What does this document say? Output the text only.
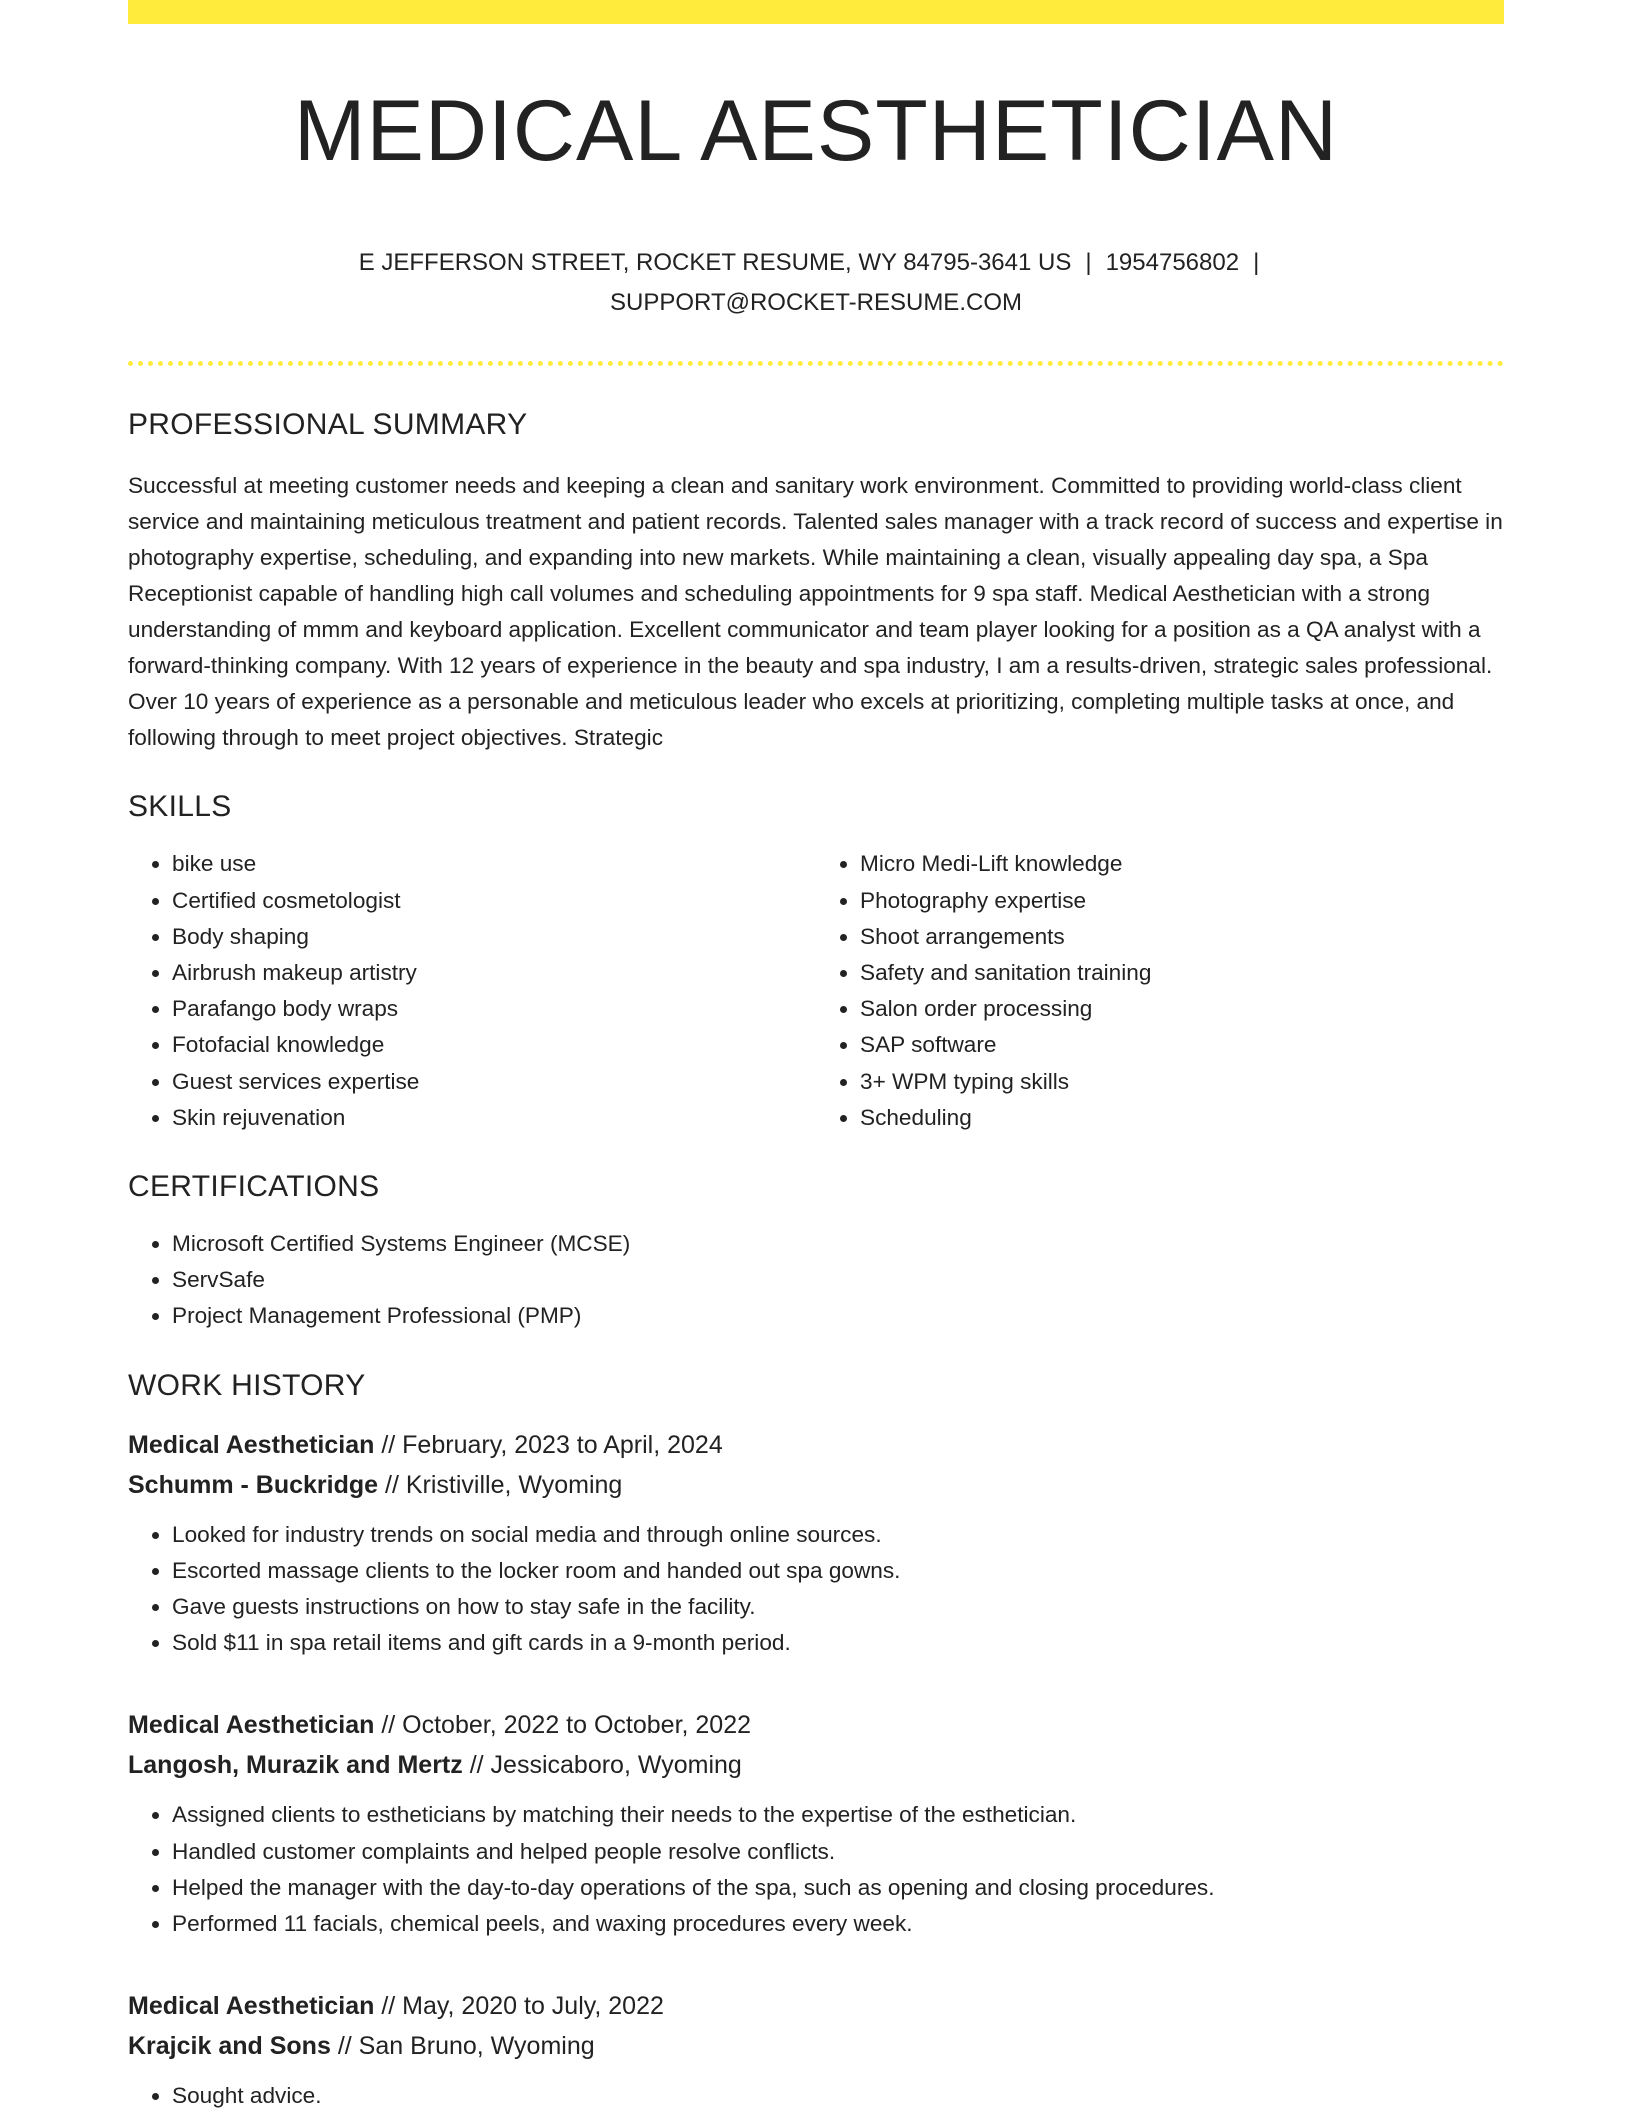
MEDICAL AESTHETICIAN
E JEFFERSON STREET, ROCKET RESUME, WY 84795-3641 US | 1954756802 |
SUPPORT@ROCKET-RESUME.COM
PROFESSIONAL SUMMARY
Successful at meeting customer needs and keeping a clean and sanitary work environment. Committed to providing world-class client service and maintaining meticulous treatment and patient records. Talented sales manager with a track record of success and expertise in photography expertise, scheduling, and expanding into new markets. While maintaining a clean, visually appealing day spa, a Spa Receptionist capable of handling high call volumes and scheduling appointments for 9 spa staff. Medical Aesthetician with a strong understanding of mmm and keyboard application. Excellent communicator and team player looking for a position as a QA analyst with a forward-thinking company. With 12 years of experience in the beauty and spa industry, I am a results-driven, strategic sales professional. Over 10 years of experience as a personable and meticulous leader who excels at prioritizing, completing multiple tasks at once, and following through to meet project objectives. Strategic
SKILLS
• bike use
• Certified cosmetologist
• Body shaping
• Airbrush makeup artistry
• Parafango body wraps
• Fotofacial knowledge
• Guest services expertise
• Skin rejuvenation
• Micro Medi-Lift knowledge
• Photography expertise
• Shoot arrangements
• Safety and sanitation training
• Salon order processing
• SAP software
• 3+ WPM typing skills
• Scheduling
CERTIFICATIONS
• Microsoft Certified Systems Engineer (MCSE)
• ServSafe
• Project Management Professional (PMP)
WORK HISTORY
Medical Aesthetician // February, 2023 to April, 2024
Schumm - Buckridge // Kristiville, Wyoming
• Looked for industry trends on social media and through online sources.
• Escorted massage clients to the locker room and handed out spa gowns.
• Gave guests instructions on how to stay safe in the facility.
• Sold $11 in spa retail items and gift cards in a 9-month period.
Medical Aesthetician // October, 2022 to October, 2022
Langosh, Murazik and Mertz // Jessicaboro, Wyoming
• Assigned clients to estheticians by matching their needs to the expertise of the esthetician.
• Handled customer complaints and helped people resolve conflicts.
• Helped the manager with the day-to-day operations of the spa, such as opening and closing procedures.
• Performed 11 facials, chemical peels, and waxing procedures every week.
Medical Aesthetician // May, 2020 to July, 2022
Krajcik and Sons // San Bruno, Wyoming
• Sought advice.
